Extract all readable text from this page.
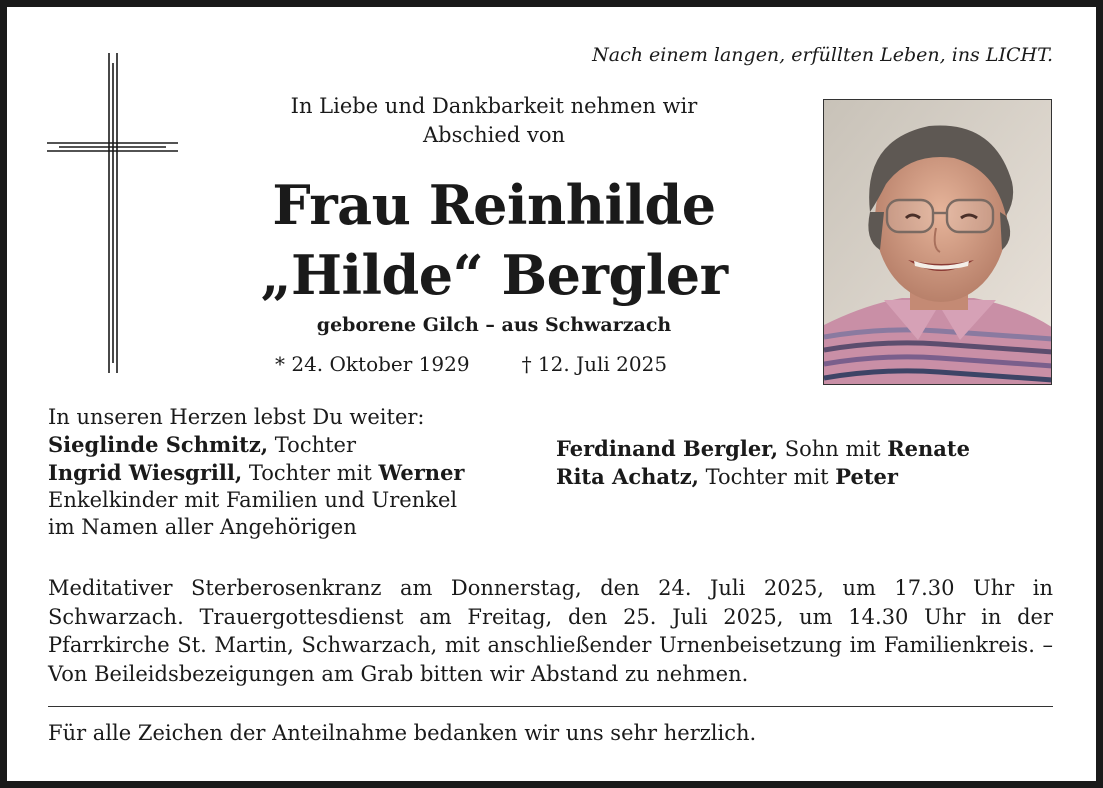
Nach einem langen, erfüllten Leben, ins LICHT.
In Liebe und Dankbarkeit nehmen wir
Abschied von
Frau Reinhilde
„Hilde“ Bergler
geborene Gilch – aus Schwarzach
* 24. Oktober 1929	† 12. Juli 2025
In unseren Herzen lebst Du weiter:
Sieglinde Schmitz, Tochter
Ingrid Wiesgrill, Tochter mit Werner
Enkelkinder mit Familien und Urenkel
im Namen aller Angehörigen
Ferdinand Bergler, Sohn mit Renate
Rita Achatz, Tochter mit Peter
Meditativer Sterberosenkranz am Donnerstag, den 24. Juli 2025, um 17.30 Uhr in Schwarzach. Trauergottesdienst am Freitag, den 25. Juli 2025, um 14.30 Uhr in der Pfarrkirche St. Martin, Schwarzach, mit anschließender Urnenbeisetzung im Familienkreis. – Von Beileidsbezeigungen am Grab bitten wir Abstand zu nehmen.
Für alle Zeichen der Anteilnahme bedanken wir uns sehr herzlich.
